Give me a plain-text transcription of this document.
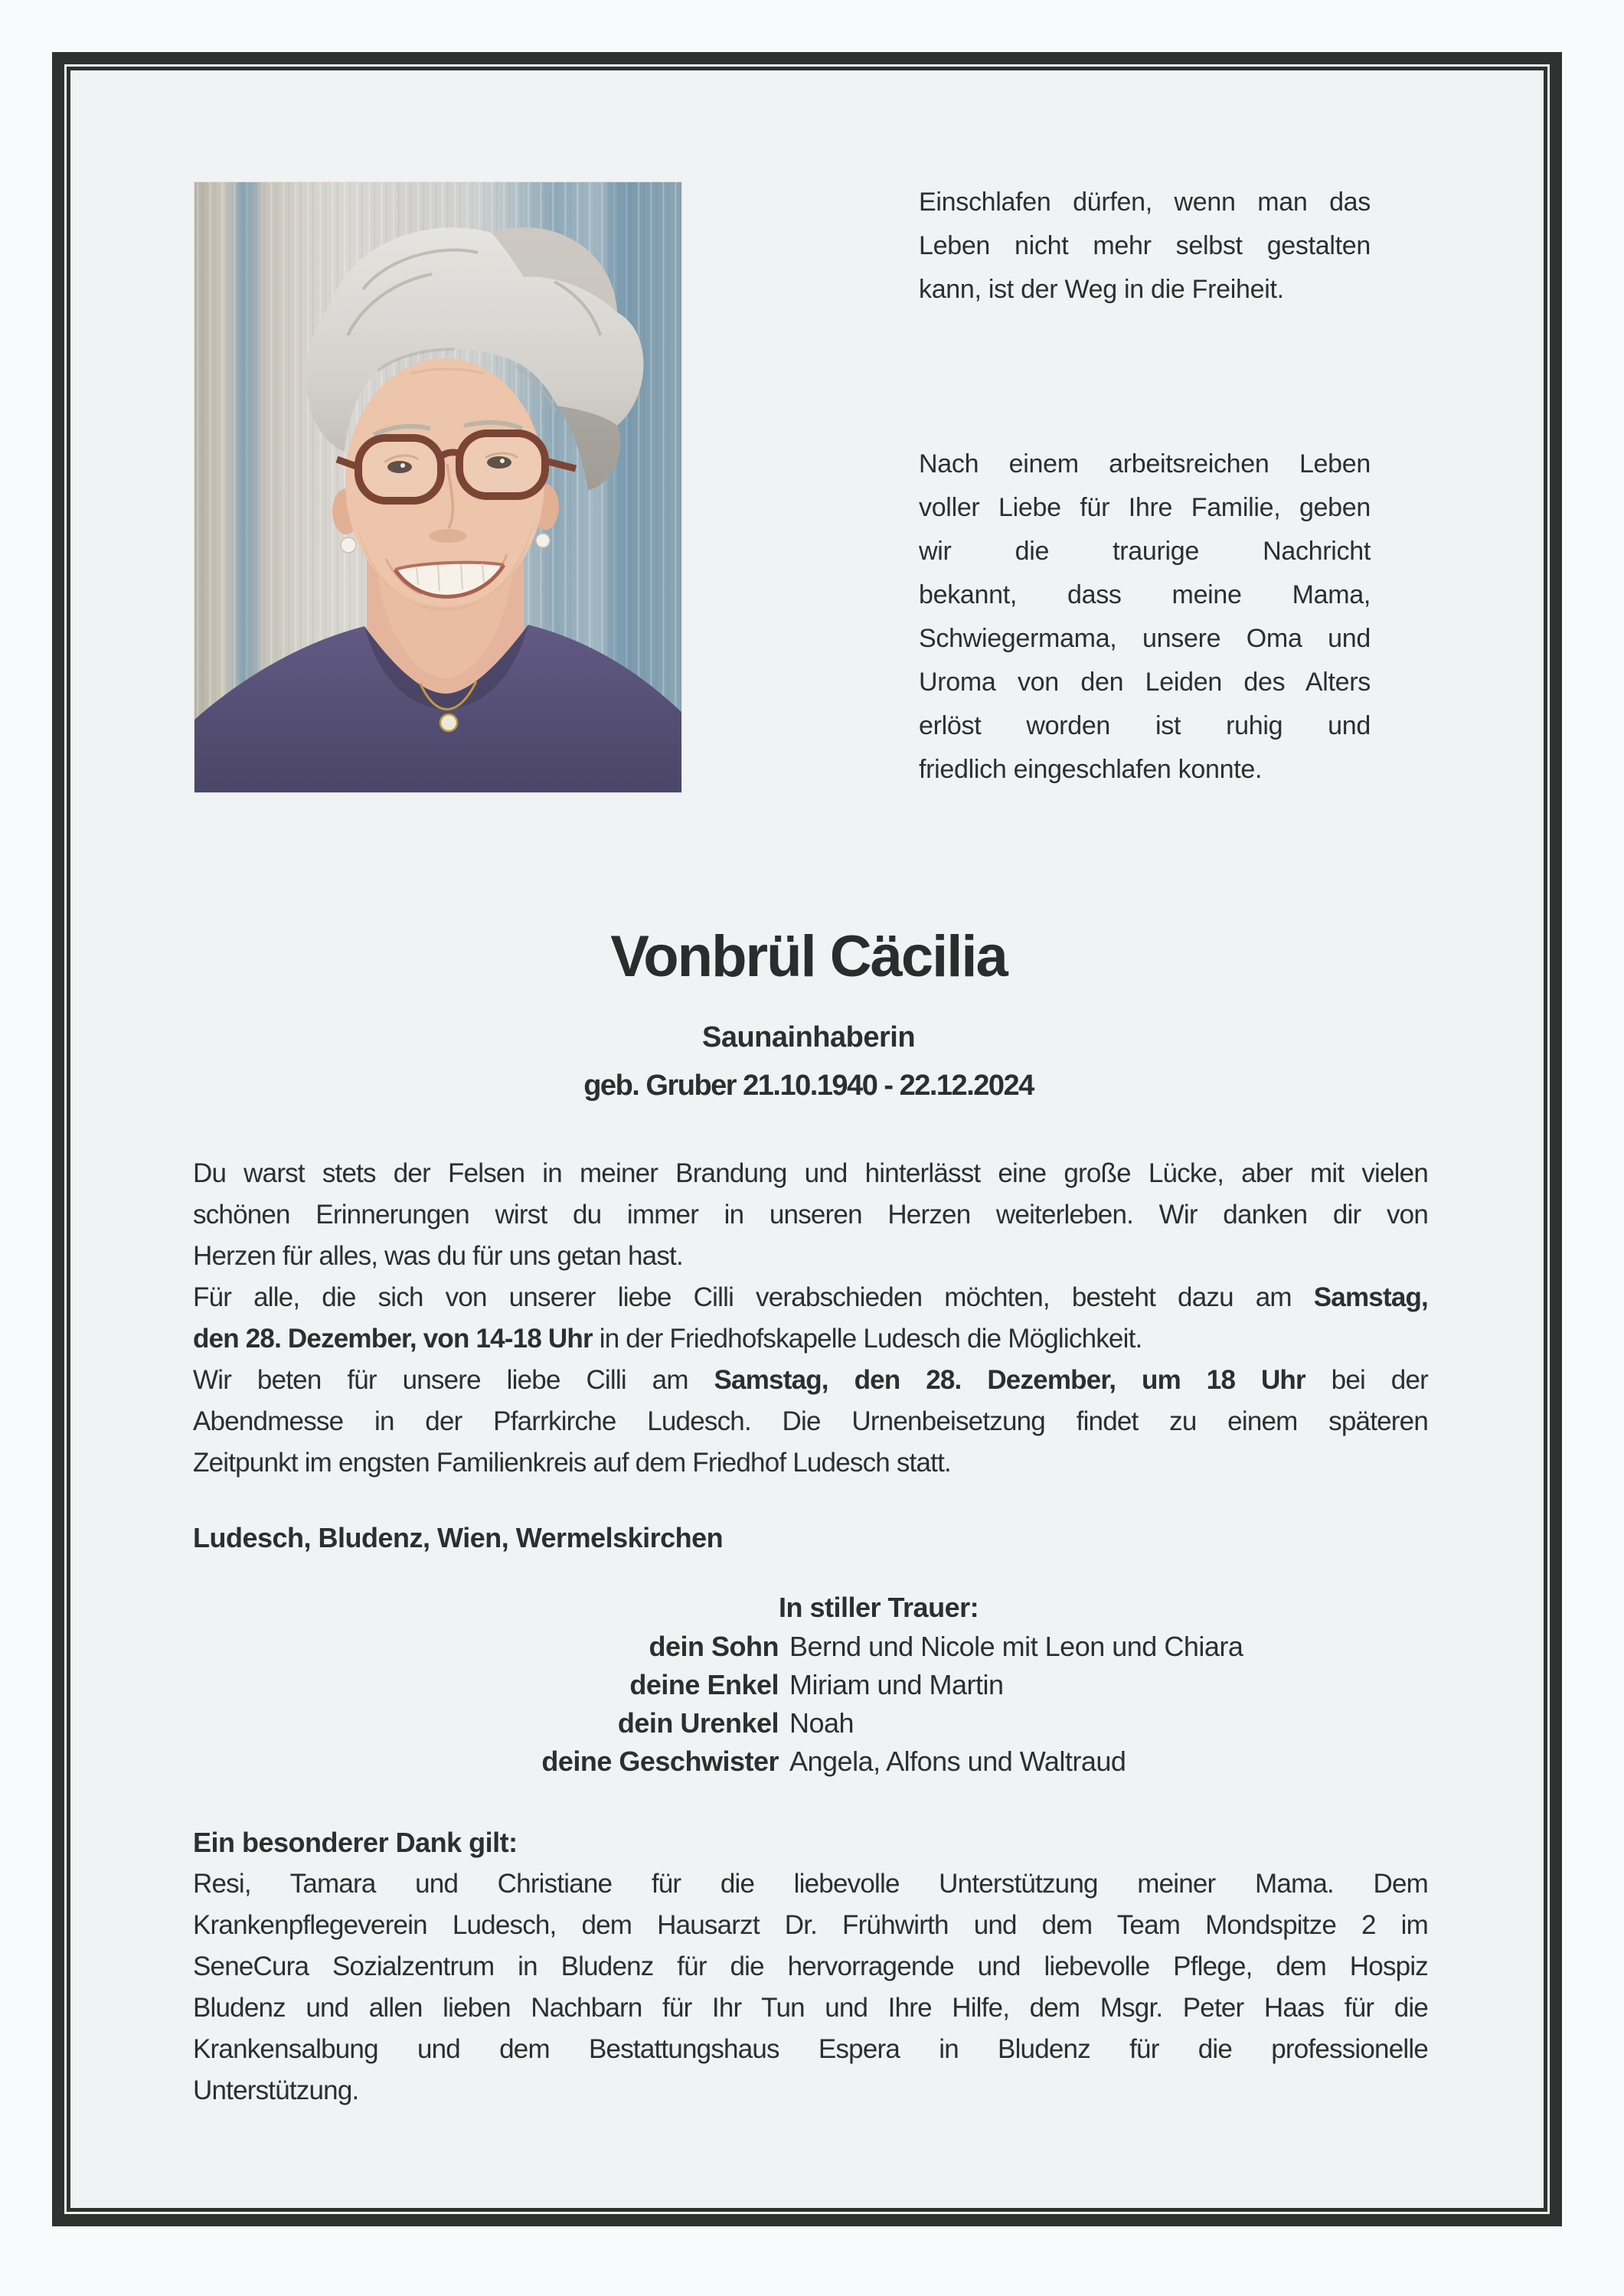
Einschlafen dürfen, wenn man das
Leben nicht mehr selbst gestalten
kann, ist der Weg in die Freiheit.
Nach einem arbeitsreichen Leben
voller Liebe für Ihre Familie, geben
wir die traurige Nachricht
bekannt, dass meine Mama,
Schwiegermama, unsere Oma und
Uroma von den Leiden des Alters
erlöst worden ist ruhig und
friedlich eingeschlafen konnte.
Vonbrül Cäcilia
Saunainhaberin
geb. Gruber 21.10.1940 - 22.12.2024
Du warst stets der Felsen in meiner Brandung und hinterlässt eine große Lücke, aber mit vielen
schönen Erinnerungen wirst du immer in unseren Herzen weiterleben. Wir danken dir von
Herzen für alles, was du für uns getan hast.
Für alle, die sich von unserer liebe Cilli verabschieden möchten, besteht dazu am Samstag,
den 28. Dezember, von 14-18 Uhr in der Friedhofskapelle Ludesch die Möglichkeit.
Wir beten für unsere liebe Cilli am Samstag, den 28. Dezember, um 18 Uhr bei der
Abendmesse in der Pfarrkirche Ludesch. Die Urnenbeisetzung findet zu einem späteren
Zeitpunkt im engsten Familienkreis auf dem Friedhof Ludesch statt.
Ludesch, Bludenz, Wien, Wermelskirchen
In stiller Trauer:
dein Sohn Bernd und Nicole mit Leon und Chiara
deine Enkel Miriam und Martin
dein Urenkel Noah
deine Geschwister Angela, Alfons und Waltraud
Ein besonderer Dank gilt:
Resi, Tamara und Christiane für die liebevolle Unterstützung meiner Mama. Dem
Krankenpflegeverein Ludesch, dem Hausarzt Dr. Frühwirth und dem Team Mondspitze 2 im
SeneCura Sozialzentrum in Bludenz für die hervorragende und liebevolle Pflege, dem Hospiz
Bludenz und allen lieben Nachbarn für Ihr Tun und Ihre Hilfe, dem Msgr. Peter Haas für die
Krankensalbung und dem Bestattungshaus Espera in Bludenz für die professionelle
Unterstützung.
